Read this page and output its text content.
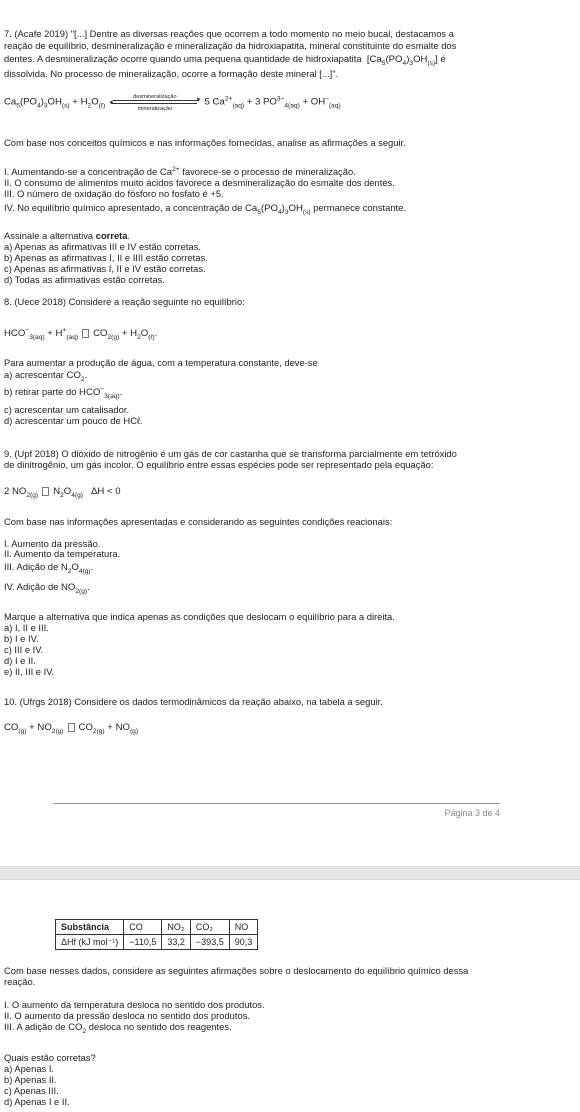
7. (Acafe 2019) "[...] Dentre as diversas reações que ocorrem a todo momento no meio bucal, destacamos a
reação de equilíbrio, desmineralização e mineralização da hidroxiapatita, mineral constituinte do esmalte dos
dentes. A desmineralização ocorre quando uma pequena quantidade de hidroxiapatita  $[Ca_5(PO_4)_3OH_{(s)}]$ é
dissolvida. No processo de mineralização, ocorre a formação deste mineral [...]".
$Ca_5(PO_4)_3OH_{(s)} + H_2O_{(\ell)}$
desmineralização	➤
➤
mineralização
5 $Ca^{2+}_{(aq)} + 3$ $PO^{3-}_{4(aq)} + OH^-_{(aq)}$
Com base nos conceitos químicos e nas informações fornecidas, analise as afirmações a seguir.
I. Aumentando-se a concentração de $Ca^{2+}$ favorece-se o processo de mineralização.
II. O consumo de alimentos muito ácidos favorece a desmineralização do esmalte dos dentes.
III. O número de oxidação do fósforo no fosfato é +5.
IV. No equilíbrio químico apresentado, a concentração de $Ca_5(PO_4)_3OH_{(s)}$ permanece constante.
Assinale a alternativa correta.
a) Apenas as afirmativas III e IV estão corretas.
b) Apenas as afirmativas I, II e IIII estão corretas.
c) Apenas as afirmativas I, II e IV estão corretas.
d) Todas as afirmativas estão corretas.
8. (Uece 2018) Considere a reação seguinte no equilíbrio:
$HCO^-_{3(aq)} + H^+_{(aq)}$ $CO_{2(g)} + H_2O_{(\ell)}$.
Para aumentar a produção de água, com a temperatura constante, deve-se
a) acrescentar $CO_2$.
b) retirar parte do $HCO^-_{3(aq)}$.
c) acrescentar um catalisador.
d) acrescentar um pouco de HCℓ.
9. (Upf 2018) O dióxido de nitrogênio é um gás de cor castanha que se transforma parcialmente em tetróxido
de dinitrogênio, um gás incolor. O equilíbrio entre essas espécies pode ser representado pela equação:
2 $NO_{2(g)}$ $N_2O_{4(g)}$   ΔH < 0
Com base nas informações apresentadas e considerando as seguintes condições reacionais:
I. Aumento da pressão.
II. Aumento da temperatura.
III. Adição de $N_2O_{4(g)}$.
IV. Adição de $NO_{2(g)}$.
Marque a alternativa que indica apenas as condições que deslocam o equilíbrio para a direita.
a) I, II e III.
b) I e IV.
c) III e IV.
d) I e II.
e) II, III e IV.
10. (Ufrgs 2018) Considere os dados termodinâmicos da reação abaixo, na tabela a seguir.
$CO_{(g)} + NO_{2(g)}$ $CO_{2(g)} + NO_{(g)}$
Página 3 de 4
Substância	CO	NO₂	CO₂	NO
ΔHf (kJ mol⁻¹)	−110,5	33,2	−393,5	90,3
Com base nesses dados, considere as seguintes afirmações sobre o deslocamento do equilíbrio químico dessa
reação.
I. O aumento da temperatura desloca no sentido dos produtos.
II. O aumento da pressão desloca no sentido dos produtos.
III. A adição de $CO_2$ desloca no sentido dos reagentes.
Quais estão corretas?
a) Apenas I.
b) Apenas II.
c) Apenas III.
d) Apenas I e II.
